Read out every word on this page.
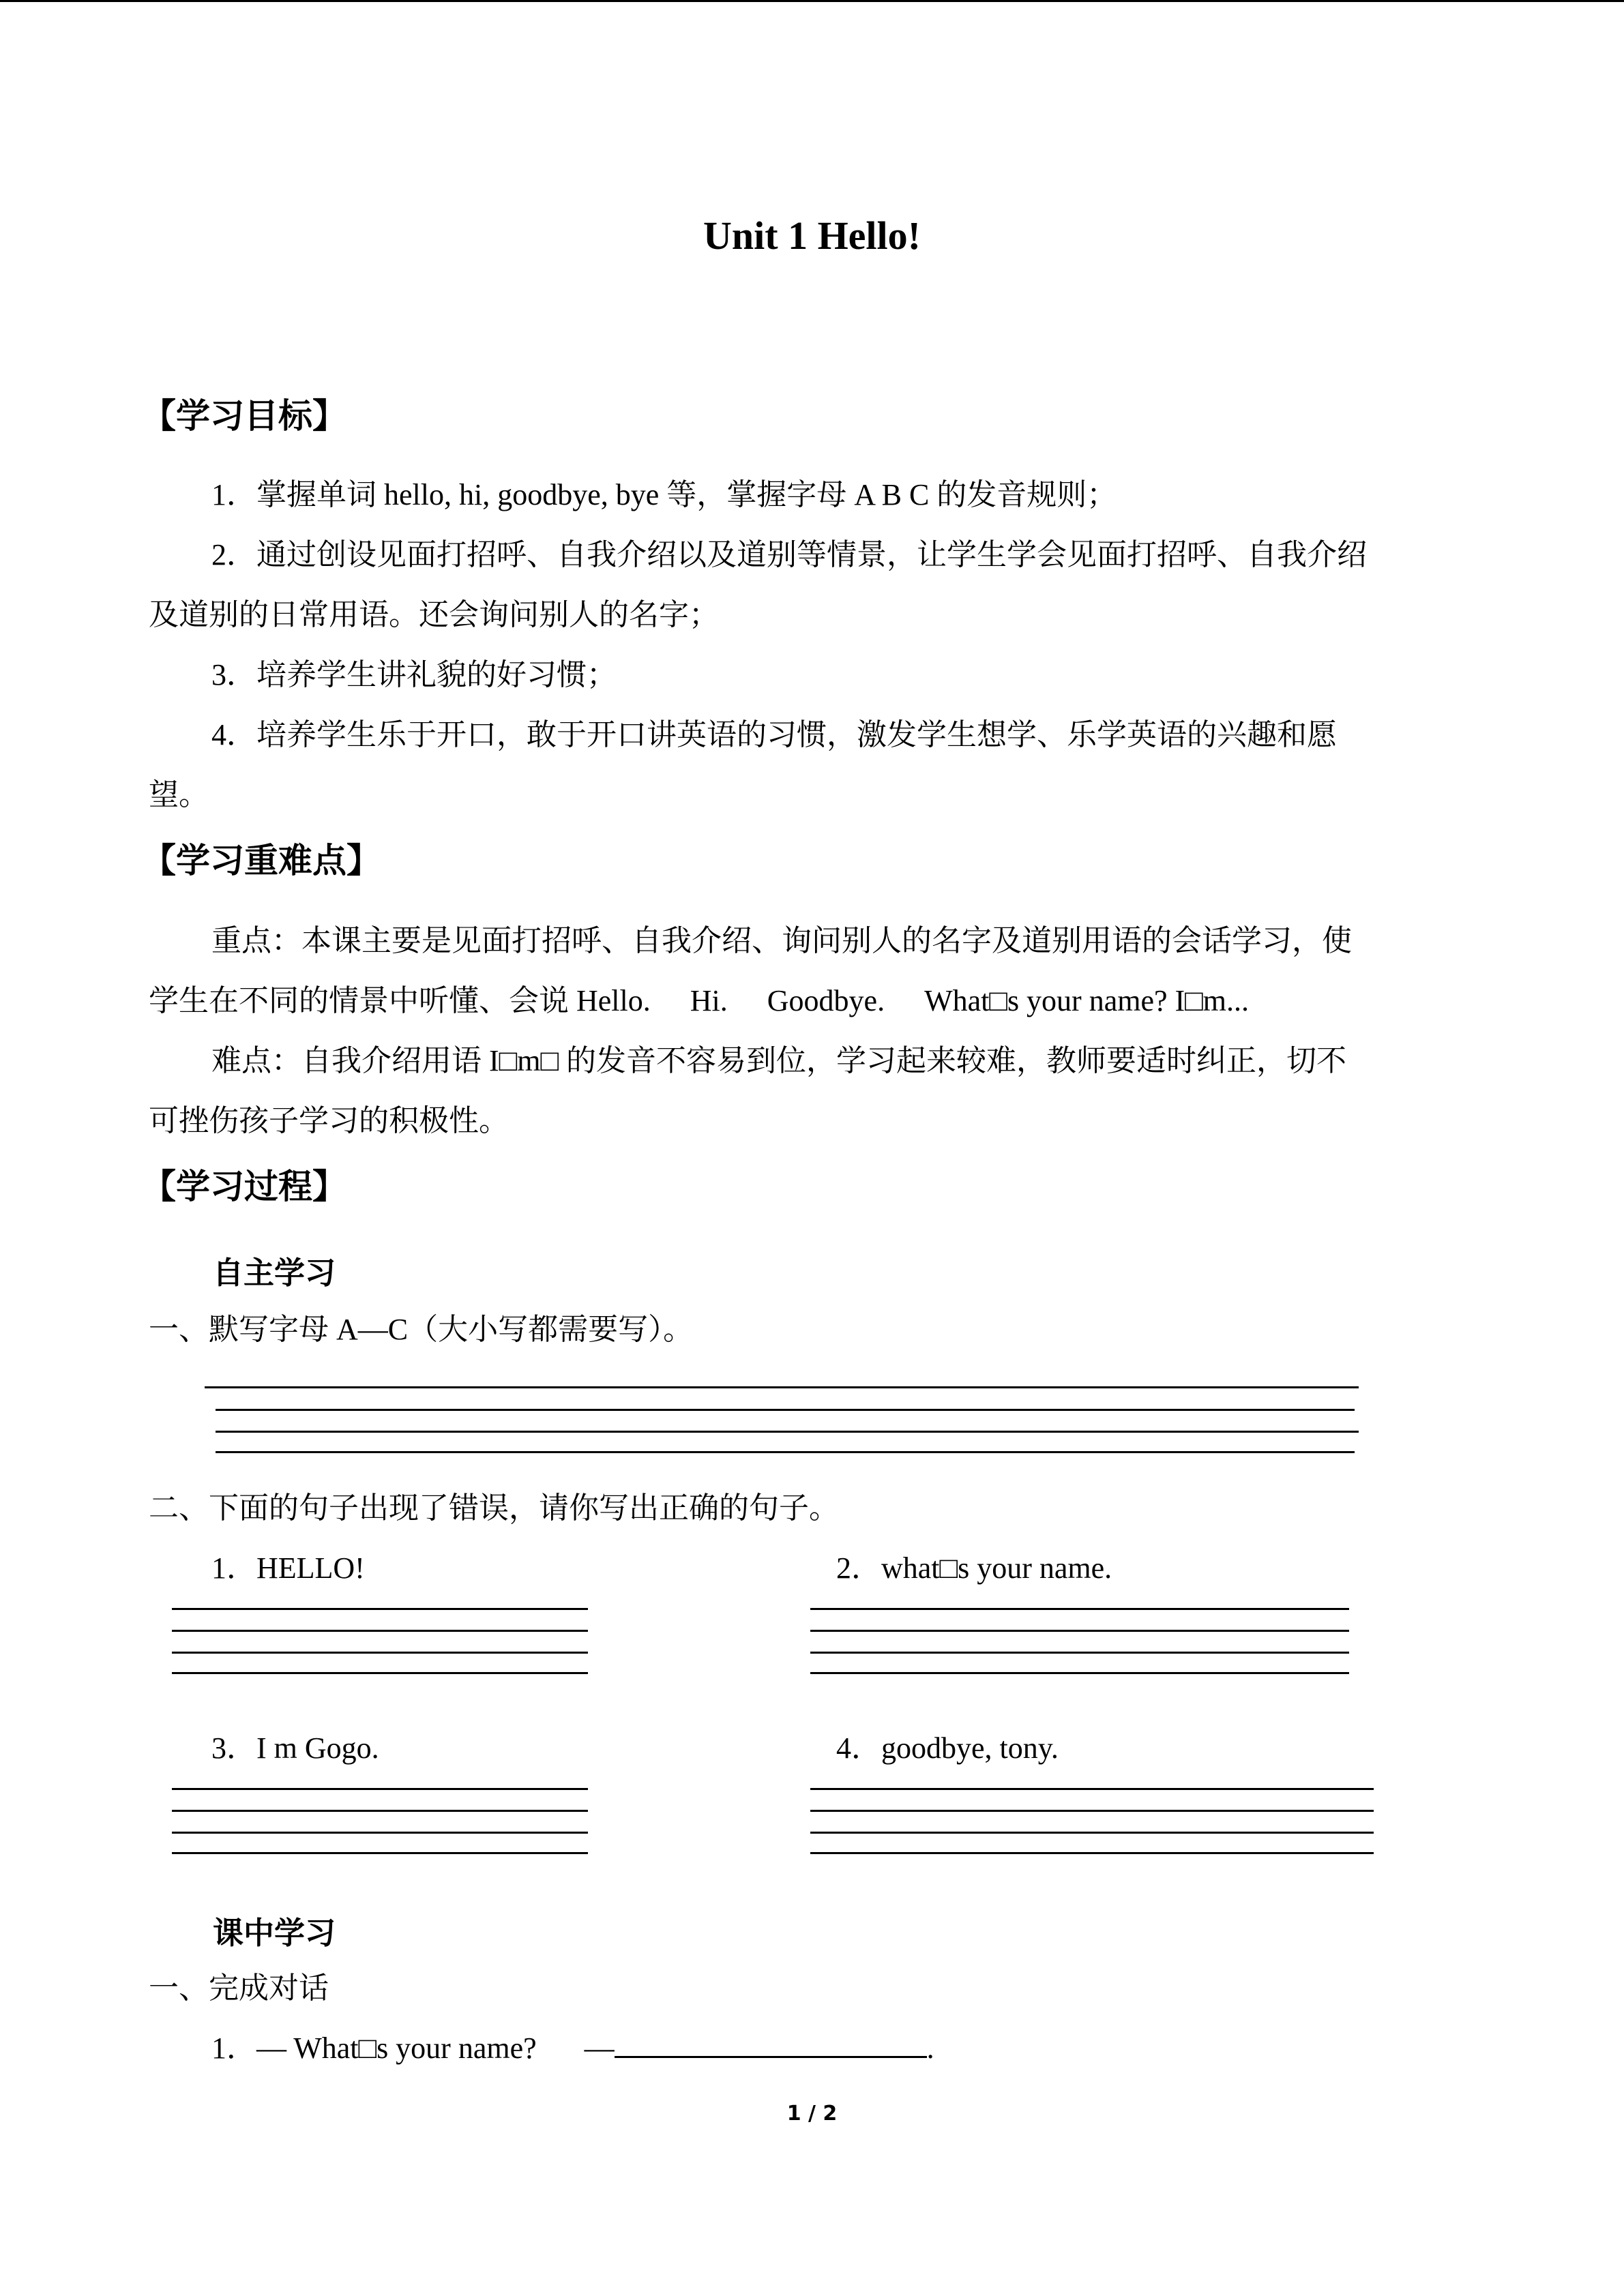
Unit 1 Hello!
【学习目标】
1．掌握单词 hello, hi, goodbye, bye 等，掌握字母 A B C 的发音规则；
2．通过创设见面打招呼、自我介绍以及道别等情景，让学生学会见面打招呼、自我介绍
及道别的日常用语。还会询问别人的名字；
3．培养学生讲礼貌的好习惯；
4．培养学生乐于开口，敢于开口讲英语的习惯，激发学生想学、乐学英语的兴趣和愿
望。
【学习重难点】
重点：本课主要是见面打招呼、自我介绍、询问别人的名字及道别用语的会话学习，使
学生在不同的情景中听懂、会说 Hello. Hi. Goodbye. What□s your name? I□m...
难点：自我介绍用语 I□m□ 的发音不容易到位，学习起来较难，教师要适时纠正，切不
可挫伤孩子学习的积极性。
【学习过程】
自主学习
一、默写字母 A—C（大小写都需要写）。
二、下面的句子出现了错误，请你写出正确的句子。
1．HELLO!	2．what□s your name.
3．I m Gogo.	4．goodbye, tony.
课中学习
一、完成对话
1．— What□s your name? —	.
1 / 2
